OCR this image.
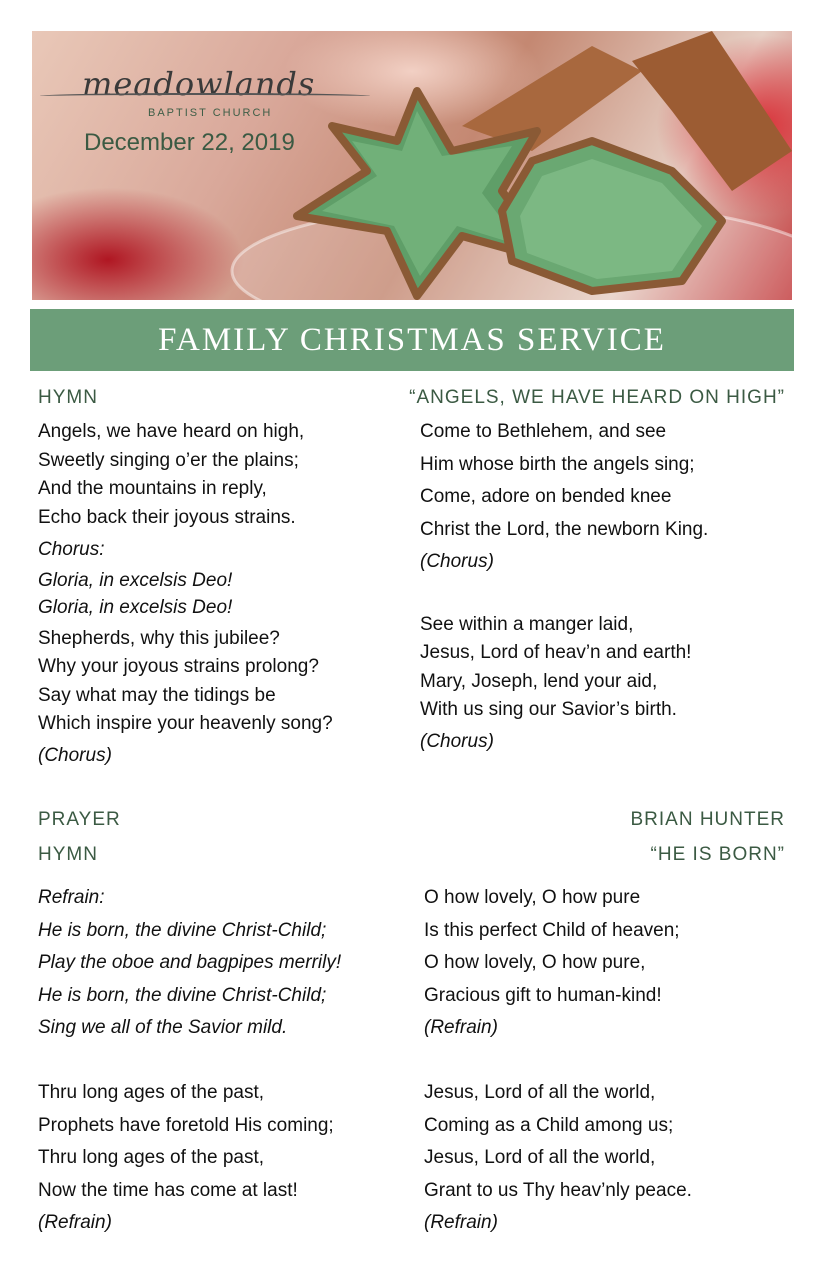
meadowlands
BAPTIST CHURCH
December 22, 2019
FAMILY CHRISTMAS SERVICE
HYMN	“ANGELS, WE HAVE HEARD ON HIGH”
Angels, we have heard on high,
Sweetly singing o’er the plains;
And the mountains in reply,
Echo back their joyous strains.
Chorus:
Gloria, in excelsis Deo!
Gloria, in excelsis Deo!
Shepherds, why this jubilee?
Why your joyous strains prolong?
Say what may the tidings be
Which inspire your heavenly song?
(Chorus)
Come to Bethlehem, and see
Him whose birth the angels sing;
Come, adore on bended knee
Christ the Lord, the newborn King.
(Chorus)
See within a manger laid,
Jesus, Lord of heav’n and earth!
Mary, Joseph, lend your aid,
With us sing our Savior’s birth.
(Chorus)
PRAYER	BRIAN HUNTER
HYMN	“HE IS BORN”
Refrain:
He is born, the divine Christ-Child;
Play the oboe and bagpipes merrily!
He is born, the divine Christ-Child;
Sing we all of the Savior mild.
Thru long ages of the past,
Prophets have foretold His coming;
Thru long ages of the past,
Now the time has come at last!
(Refrain)
O how lovely, O how pure
Is this perfect Child of heaven;
O how lovely, O how pure,
Gracious gift to human-kind!
(Refrain)
Jesus, Lord of all the world,
Coming as a Child among us;
Jesus, Lord of all the world,
Grant to us Thy heav’nly peace.
(Refrain)
